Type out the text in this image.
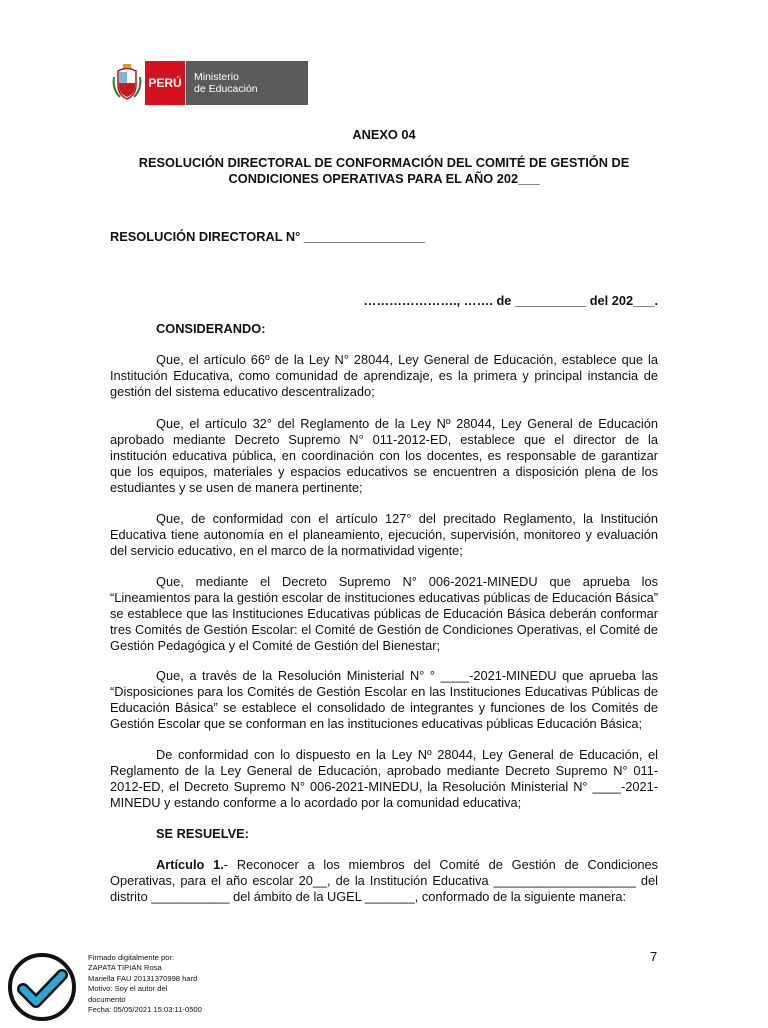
PERÚ	Ministerio
de Educación
ANEXO 04
RESOLUCIÓN DIRECTORAL DE CONFORMACIÓN DEL COMITÉ DE GESTIÓN DE
CONDICIONES OPERATIVAS PARA EL AÑO 202___
RESOLUCIÓN DIRECTORAL N° _________________
…………………., ……. de __________ del 202___.
CONSIDERANDO:
Que, el artículo 66º de la Ley N° 28044, Ley General de Educación, establece que la Institución Educativa, como comunidad de aprendizaje, es la primera y principal instancia de gestión del sistema educativo descentralizado;
Que, el artículo 32° del Reglamento de la Ley Nº 28044, Ley General de Educación aprobado mediante Decreto Supremo N° 011-2012-ED, establece que el director de la institución educativa pública, en coordinación con los docentes, es responsable de garantizar que los equipos, materiales y espacios educativos se encuentren a disposición plena de los estudiantes y se usen de manera pertinente;
Que, de conformidad con el artículo 127° del precitado Reglamento, la Institución Educativa tiene autonomía en el planeamiento, ejecución, supervisión, monitoreo y evaluación del servicio educativo, en el marco de la normatividad vigente;
Que, mediante el Decreto Supremo N° 006-2021-MINEDU que aprueba los “Lineamientos para la gestión escolar de instituciones educativas públicas de Educación Básica” se establece que las Instituciones Educativas públicas de Educación Básica deberán conformar tres Comités de Gestión Escolar: el Comité de Gestión de Condiciones Operativas, el Comité de Gestión Pedagógica y el Comité de Gestión del Bienestar;
Que, a través de la Resolución Ministerial N° ° ____-2021-MINEDU que aprueba las “Disposiciones para los Comités de Gestión Escolar en las Instituciones Educativas Públicas de Educación Básica” se establece el consolidado de integrantes y funciones de los Comités de Gestión Escolar que se conforman en las instituciones educativas públicas Educación Básica;
De conformidad con lo dispuesto en la Ley Nº 28044, Ley General de Educación, el Reglamento de la Ley General de Educación, aprobado mediante Decreto Supremo N° 011-2012-ED, el Decreto Supremo N° 006-2021-MINEDU, la Resolución Ministerial N° ____-2021-MINEDU y estando conforme a lo acordado por la comunidad educativa;
SE RESUELVE:
Artículo 1.- Reconocer a los miembros del Comité de Gestión de Condiciones Operativas, para el año escolar 20__, de la Institución Educativa ____________________ del distrito ___________ del ámbito de la UGEL _______, conformado de la siguiente manera:
7
Firmado digitalmente por:
ZAPATA TIPIAN Rosa
Mariella FAU 20131370998 hard
Motivo: Soy el autor del
documento
Fecha: 05/05/2021 15:03:11-0500
